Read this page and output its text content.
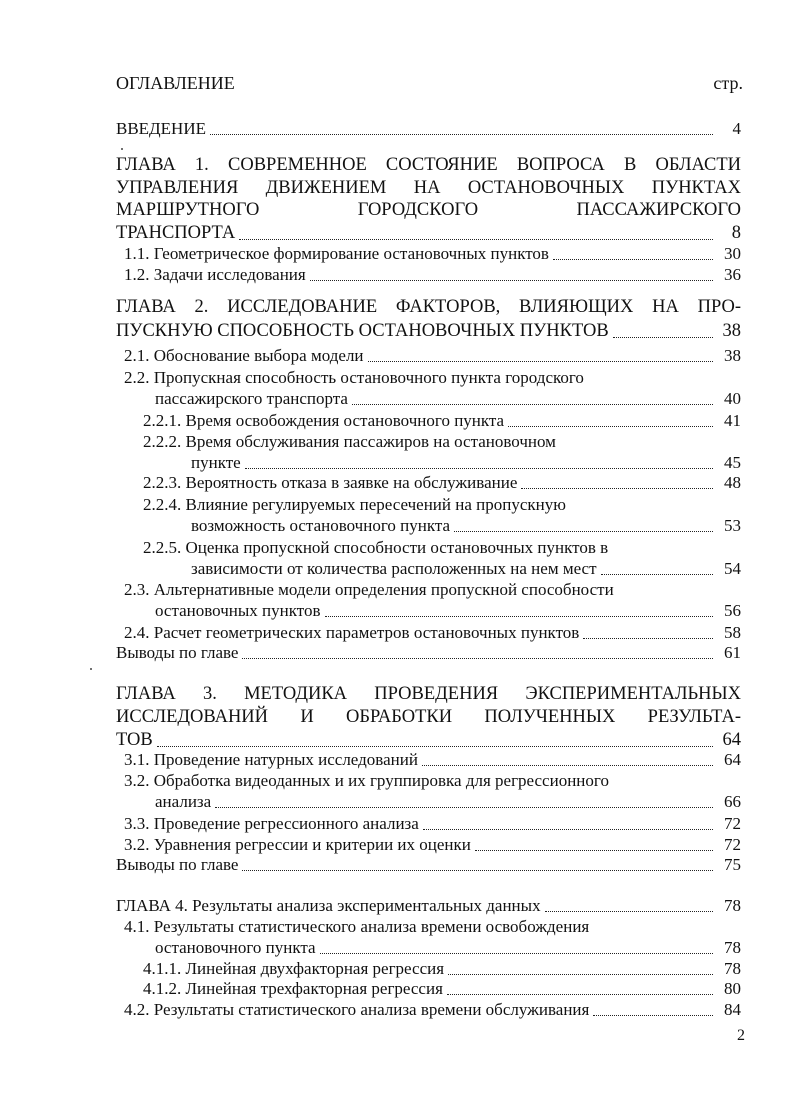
ОГЛАВЛЕНИЕ	стр.
ВВЕДЕНИЕ	4
ГЛАВА 1. СОВРЕМЕННОЕ СОСТОЯНИЕ ВОПРОСА В ОБЛАСТИ
УПРАВЛЕНИЯ ДВИЖЕНИЕМ НА ОСТАНОВОЧНЫХ ПУНКТАХ
МАРШРУТНОГО ГОРОДСКОГО ПАССАЖИРСКОГО
ТРАНСПОРТА	8
1.1. Геометрическое формирование остановочных пунктов	30
1.2. Задачи исследования	36
ГЛАВА 2. ИССЛЕДОВАНИЕ ФАКТОРОВ, ВЛИЯЮЩИХ НА ПРО-
ПУСКНУЮ СПОСОБНОСТЬ ОСТАНОВОЧНЫХ ПУНКТОВ	38
2.1. Обоснование выбора модели	38
2.2. Пропускная способность остановочного пункта городского
пассажирского транспорта	40
2.2.1. Время освобождения остановочного пункта	41
2.2.2. Время обслуживания пассажиров на остановочном
пункте	45
2.2.3. Вероятность отказа в заявке на обслуживание	48
2.2.4. Влияние регулируемых пересечений на пропускную
возможность остановочного пункта	53
2.2.5. Оценка пропускной способности остановочных пунктов в
зависимости от количества расположенных на нем мест	54
2.3. Альтернативные модели определения пропускной способности
остановочных пунктов	56
2.4. Расчет геометрических параметров остановочных пунктов	58
Выводы по главе	61
ГЛАВА 3. МЕТОДИКА ПРОВЕДЕНИЯ ЭКСПЕРИМЕНТАЛЬНЫХ
ИССЛЕДОВАНИЙ И ОБРАБОТКИ ПОЛУЧЕННЫХ РЕЗУЛЬТА-
ТОВ	64
3.1. Проведение натурных исследований	64
3.2. Обработка видеоданных и их группировка для регрессионного
анализа	66
3.3. Проведение регрессионного анализа	72
3.2. Уравнения регрессии и критерии их оценки	72
Выводы по главе	75
ГЛАВА 4. Результаты анализа экспериментальных данных	78
4.1. Результаты статистического анализа времени освобождения
остановочного пункта	78
4.1.1. Линейная двухфакторная регрессия	78
4.1.2. Линейная трехфакторная регрессия	80
4.2. Результаты статистического анализа времени обслуживания	84
2
